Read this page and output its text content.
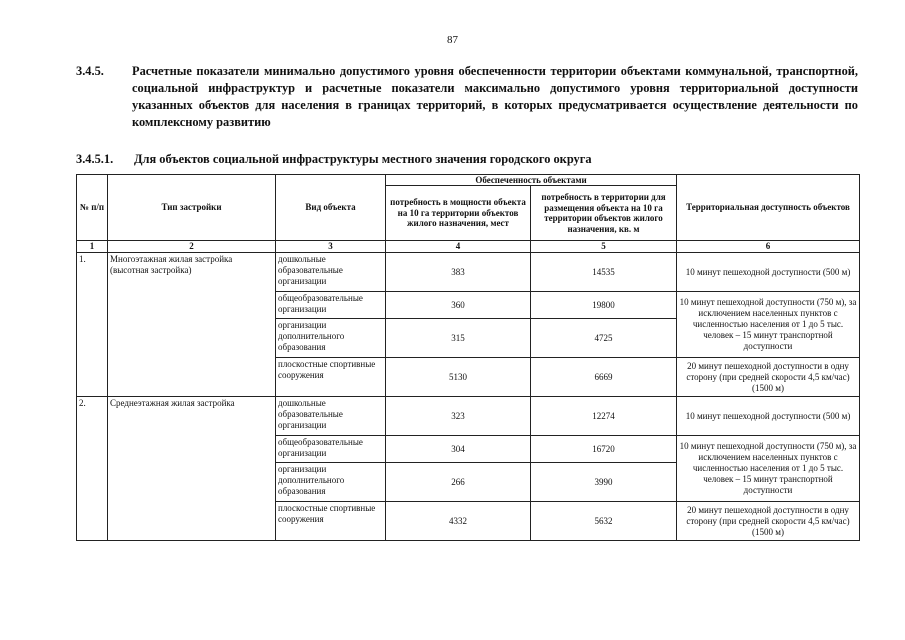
87
3.4.5. Расчетные показатели минимально допустимого уровня обеспеченности территории объектами коммунальной, транспортной, социальной инфраструктур и расчетные показатели максимально допустимого уровня территориальной доступности указанных объектов для населения в границах территорий, в которых предусматривается осуществление деятельности по комплексному развитию
3.4.5.1. Для объектов социальной инфраструктуры местного значения городского округа
№ п/п	Тип застройки	Вид объекта	Обеспеченность объектами		Территориальная доступность объектов
			потребность в мощности объекта на 10 га территории объектов жилого назначения, мест	потребность в территории для размещения объекта на 10 га территории объектов жилого назначения, кв. м	
1	2	3	4	5	6
1.	Многоэтажная жилая застройка (высотная застройка)	дошкольные образовательные организации	383	14535	10 минут пешеходной доступности (500 м)
		общеобразовательные организации	360	19800	10 минут пешеходной доступности (750 м), за исключением населенных пунктов с численностью населения от 1 до 5 тыс. человек – 15 минут транспортной доступности
		организации дополнительного образования	315	4725	
		плоскостные спортивные сооружения	5130	6669	20 минут пешеходной доступности в одну сторону (при средней скорости 4,5 км/час) (1500 м)
2.	Среднеэтажная жилая застройка	дошкольные образовательные организации	323	12274	10 минут пешеходной доступности (500 м)
		общеобразовательные организации	304	16720	10 минут пешеходной доступности (750 м), за исключением населенных пунктов с численностью населения от 1 до 5 тыс. человек – 15 минут транспортной доступности
		организации дополнительного образования	266	3990	
		плоскостные спортивные сооружения	4332	5632	20 минут пешеходной доступности в одну сторону (при средней скорости 4,5 км/час) (1500 м)
